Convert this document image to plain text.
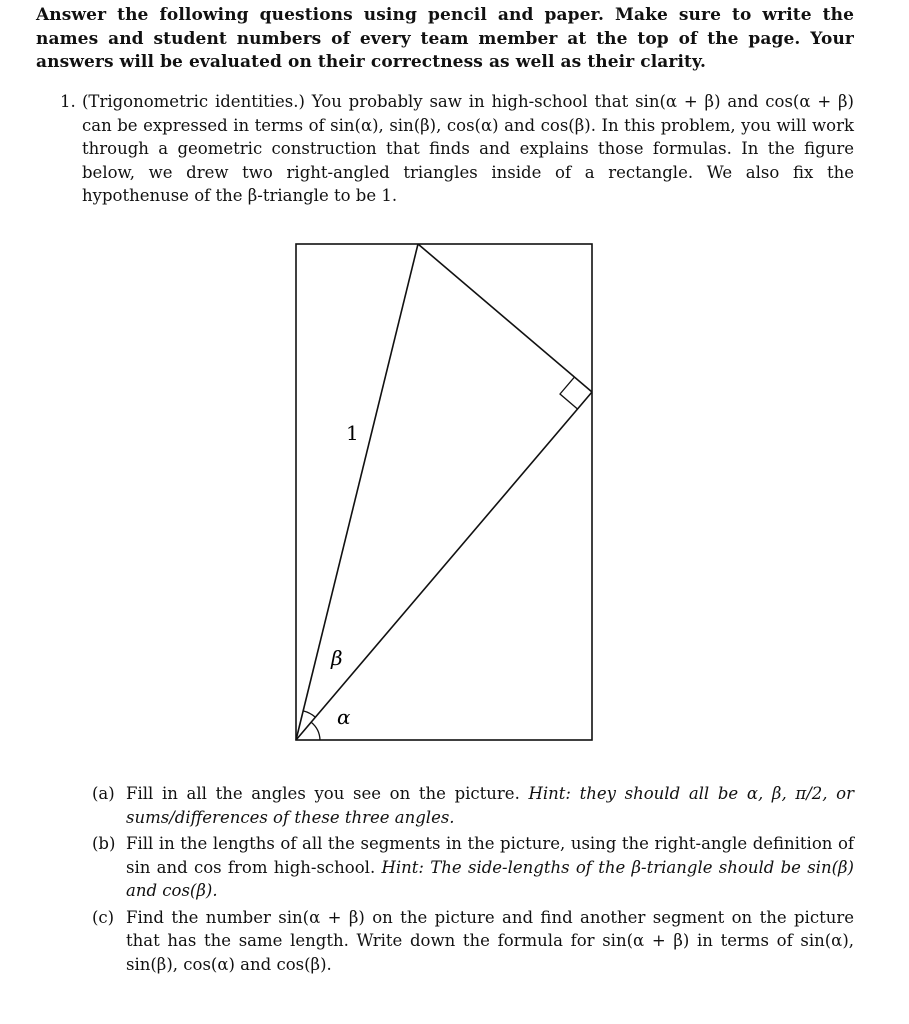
Answer the following questions using pencil and paper. Make sure to write the names and student numbers of every team member at the top of the page. Your answers will be evaluated on their correctness as well as their clarity.
1. (Trigonometric identities.) You probably saw in high-school that sin(α + β) and cos(α + β) can be expressed in terms of sin(α), sin(β), cos(α) and cos(β). In this problem, you will work through a geometric construction that finds and explains those formulas. In the figure below, we drew two right-angled triangles inside of a rectangle. We also fix the hypothenuse of the β-triangle to be 1.
1
β
α
(a) Fill in all the angles you see on the picture. Hint: they should all be α, β, π/2, or sums/differences of these three angles.
(b) Fill in the lengths of all the segments in the picture, using the right-angle definition of sin and cos from high-school. Hint: The side-lengths of the β-triangle should be sin(β) and cos(β).
(c) Find the number sin(α + β) on the picture and find another segment on the picture that has the same length. Write down the formula for sin(α + β) in terms of sin(α), sin(β), cos(α) and cos(β).
